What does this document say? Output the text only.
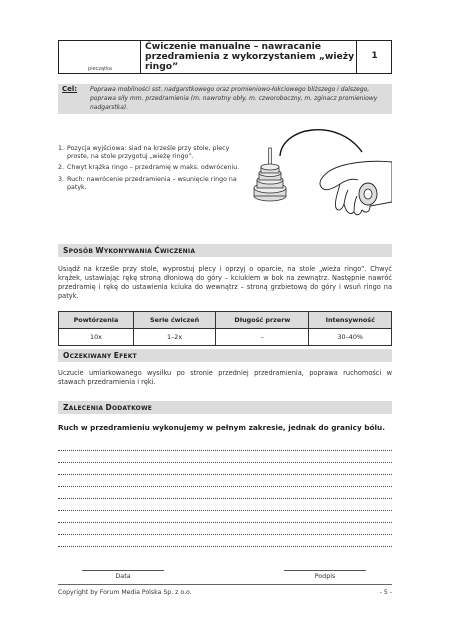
pieczątka
Ćwiczenie manualne – nawracanie przedramienia z wykorzystaniem „wieży ringo”
1
Cel: Poprawa mobilności sst. nadgarstkowego oraz promieniowo-łokciowego bliższego i dalszego, poprawa siły mm. przedramienia (m. nawrotny obły, m. czworoboczny, m. zginacz promieniowy nadgarstka).
1. Pozycja wyjściowa: siad na krześle przy stole, plecy proste, na stole przygotuj „wieżę ringo”.
2. Chwyt krążka ringo – przedramię w maks. odwróceniu.
3. Ruch: nawrócenie przedramienia – wsunięcie ringo na patyk.
SPOSÓB WYKONYWANIA ĆWICZENIA
Usiądź na krześle przy stole, wyprostuj plecy i oprzyj o oparcie, na stole „wieża ringo”. Chwyć krążek, ustawiając rękę stroną dłoniową do góry – kciukiem w bok na zewnątrz. Następnie nawróć przedramię i rękę do ustawienia kciuka do wewnątrz – stroną grzbietową do góry i wsuń ringo na patyk.
Powtórzenia	Serie ćwiczeń	Długość przerw	Intensywność
10x	1–2x	–	30–40%
OCZEKIWANY EFEKT
Uczucie umiarkowanego wysiłku po stronie przedniej przedramienia, poprawa ruchomości w stawach przedramienia i ręki.
ZALECENIA DODATKOWE
Ruch w przedramieniu wykonujemy w pełnym zakresie, jednak do granicy bólu.
Data	Podpis
Copyright by Forum Media Polska Sp. z o.o.	- 5 -
